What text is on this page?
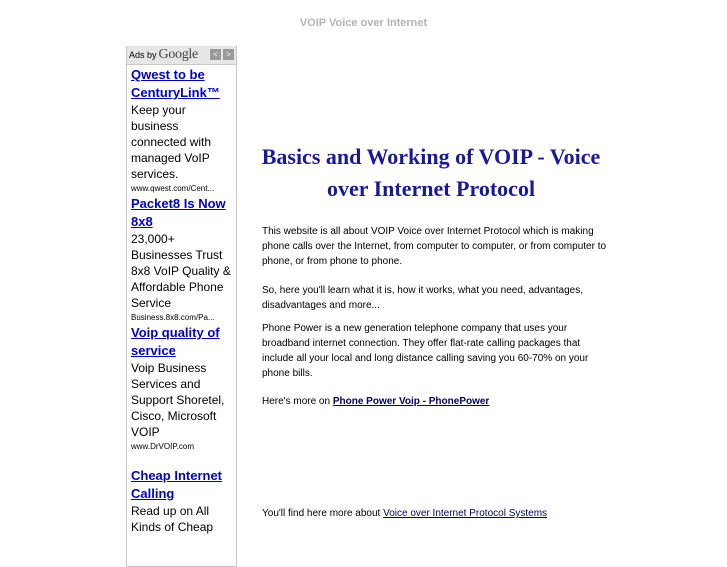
VOIP Voice over Internet
Ads by Google	<	>
Qwest to be CenturyLink™
Keep your business connected with managed VoIP services.
www.qwest.com/Cent...
Packet8 Is Now 8x8
23,000+ Businesses Trust 8x8 VoIP Quality & Affordable Phone Service
Business.8x8.com/Pa...
Voip quality of service
Voip Business Services and Support Shoretel, Cisco, Microsoft VOIP
www.DrVOIP.com
Cheap Internet Calling
Read up on All Kinds of Cheap
Basics and Working of VOIP - Voice over Internet Protocol

This website is all about VOIP Voice over Internet Protocol which is making phone calls over the Internet, from computer to computer, or from computer to phone, or from phone to phone.

So, here you'll learn what it is, how it works, what you need, advantages, disadvantages and more...

Phone Power is a new generation telephone company that uses your broadband internet connection. They offer flat-rate calling packages that include all your local and long distance calling saving you 60-70% on your phone bills.

Here's more on Phone Power Voip - PhonePower

You'll find here more about Voice over Internet Protocol Systems
